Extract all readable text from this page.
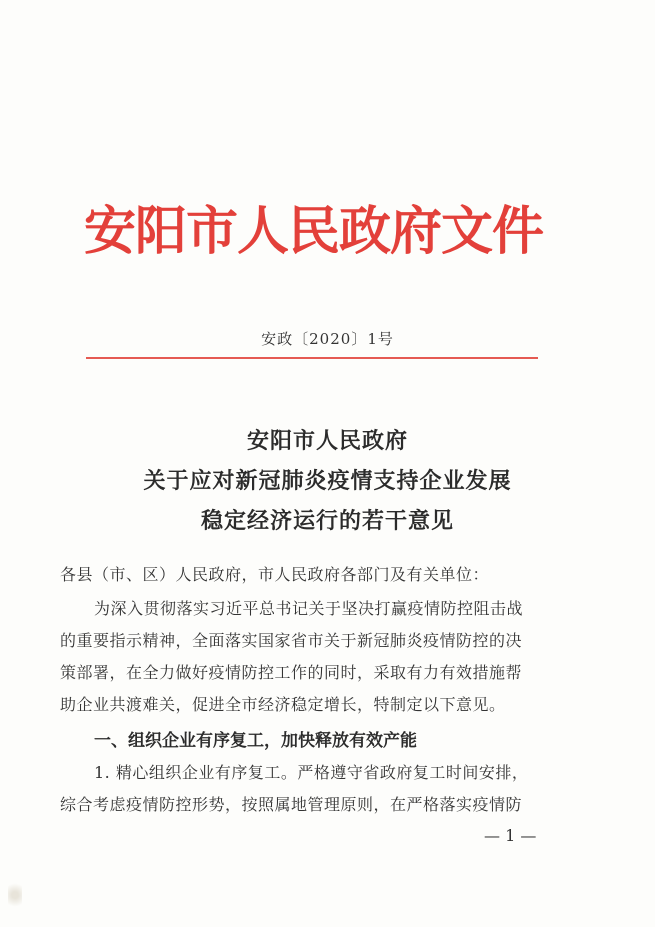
安阳市人民政府文件
安政〔2020〕1号
安阳市人民政府
关于应对新冠肺炎疫情支持企业发展
稳定经济运行的若干意见
各县（市、区）人民政府，市人民政府各部门及有关单位：
为深入贯彻落实习近平总书记关于坚决打赢疫情防控阻击战
的重要指示精神，全面落实国家省市关于新冠肺炎疫情防控的决
策部署，在全力做好疫情防控工作的同时，采取有力有效措施帮
助企业共渡难关，促进全市经济稳定增长，特制定以下意见。
一、组织企业有序复工，加快释放有效产能
1. 精心组织企业有序复工。严格遵守省政府复工时间安排，
综合考虑疫情防控形势，按照属地管理原则，在严格落实疫情防
— 1 —
